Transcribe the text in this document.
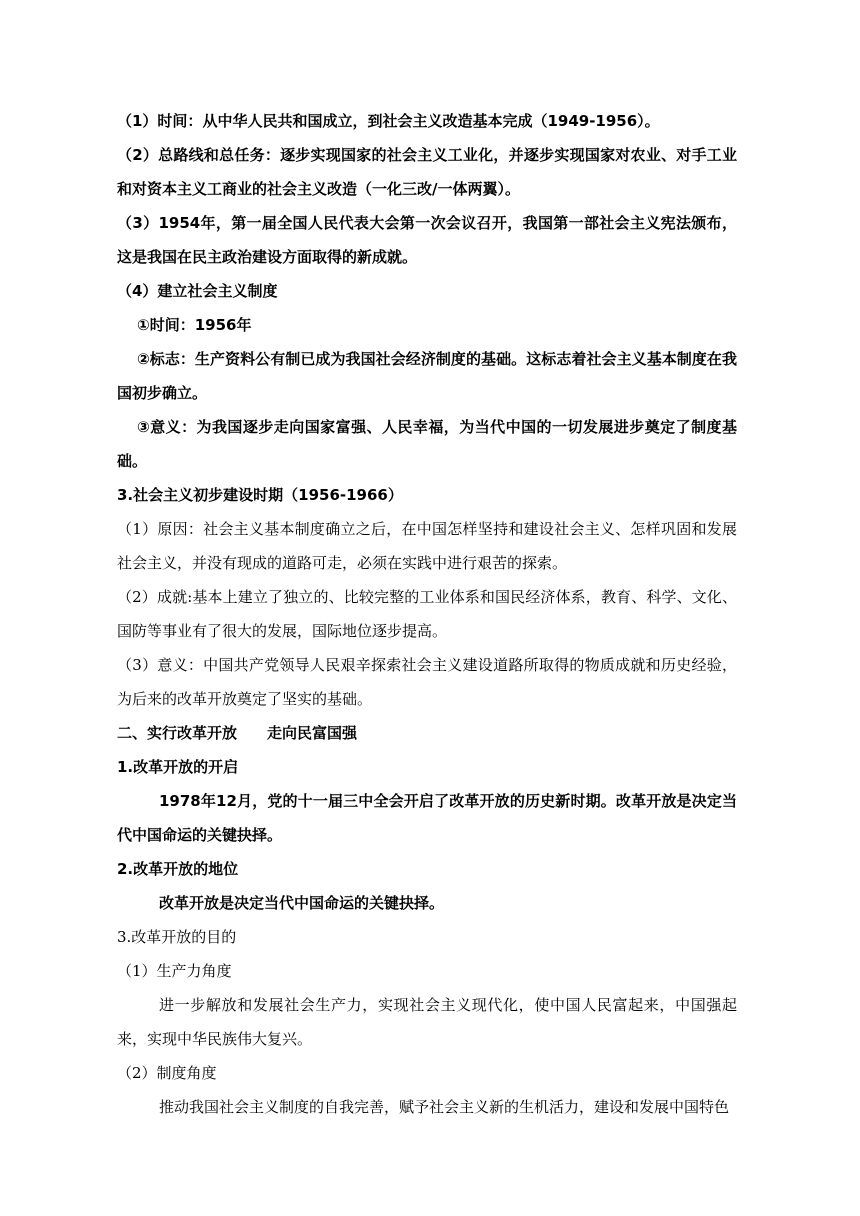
（1）时间：从中华人民共和国成立，到社会主义改造基本完成（1949-1956）。

（2）总路线和总任务：逐步实现国家的社会主义工业化，并逐步实现国家对农业、对手工业和对资本主义工商业的社会主义改造（一化三改/一体两翼）。

（3）1954年，第一届全国人民代表大会第一次会议召开，我国第一部社会主义宪法颁布，这是我国在民主政治建设方面取得的新成就。

（4）建立社会主义制度

①时间：1956年

②标志：生产资料公有制已成为我国社会经济制度的基础。这标志着社会主义基本制度在我国初步确立。

③意义：为我国逐步走向国家富强、人民幸福，为当代中国的一切发展进步奠定了制度基础。

3.社会主义初步建设时期（1956-1966）

（1）原因：社会主义基本制度确立之后，在中国怎样坚持和建设社会主义、怎样巩固和发展社会主义，并没有现成的道路可走，必须在实践中进行艰苦的探索。

（2）成就:基本上建立了独立的、比较完整的工业体系和国民经济体系，教育、科学、文化、国防等事业有了很大的发展，国际地位逐步提高。

（3）意义：中国共产党领导人民艰辛探索社会主义建设道路所取得的物质成就和历史经验，为后来的改革开放奠定了坚实的基础。

二、实行改革开放　　走向民富国强

1.改革开放的开启

1978年12月，党的十一届三中全会开启了改革开放的历史新时期。改革开放是决定当代中国命运的关键抉择。

2.改革开放的地位

改革开放是决定当代中国命运的关键抉择。

3.改革开放的目的

（1）生产力角度

进一步解放和发展社会生产力，实现社会主义现代化，使中国人民富起来，中国强起来，实现中华民族伟大复兴。

（2）制度角度

推动我国社会主义制度的自我完善，赋予社会主义新的生机活力，建设和发展中国特色
